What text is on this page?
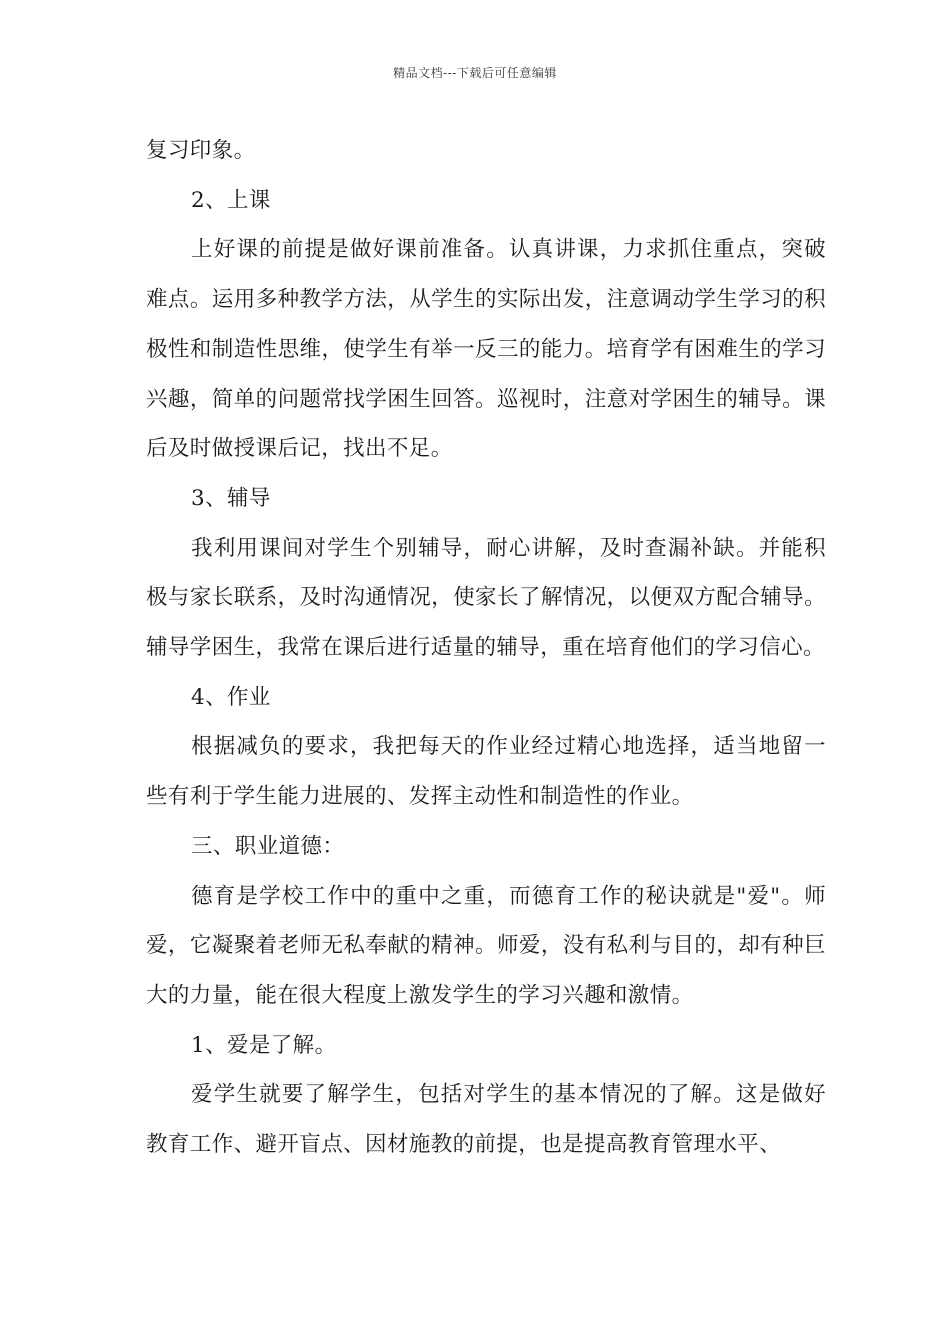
精品文档---下载后可任意编辑

复习印象。

2、上课

上好课的前提是做好课前准备。认真讲课，力求抓住重点，突破难点。运用多种教学方法，从学生的实际出发，注意调动学生学习的积极性和制造性思维，使学生有举一反三的能力。培育学有困难生的学习兴趣，简单的问题常找学困生回答。巡视时，注意对学困生的辅导。课后及时做授课后记，找出不足。

3、辅导

我利用课间对学生个别辅导，耐心讲解，及时查漏补缺。并能积极与家长联系，及时沟通情况，使家长了解情况，以便双方配合辅导。辅导学困生，我常在课后进行适量的辅导，重在培育他们的学习信心。

4、作业

根据减负的要求，我把每天的作业经过精心地选择，适当地留一些有利于学生能力进展的、发挥主动性和制造性的作业。

三、职业道德：

德育是学校工作中的重中之重，而德育工作的秘诀就是"爱"。师爱，它凝聚着老师无私奉献的精神。师爱，没有私利与目的，却有种巨大的力量，能在很大程度上激发学生的学习兴趣和激情。

1、爱是了解。

爱学生就要了解学生，包括对学生的基本情况的了解。这是做好教育工作、避开盲点、因材施教的前提，也是提高教育管理水平、
